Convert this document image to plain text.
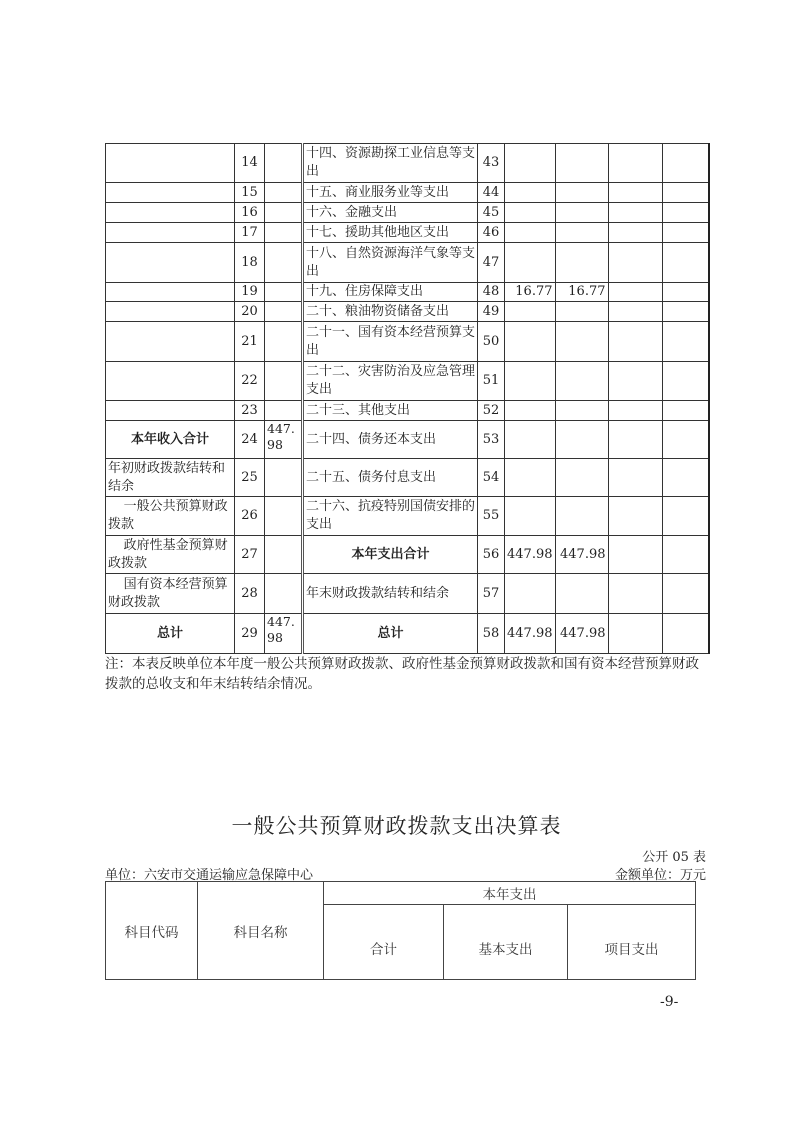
	14		十四、资源勘探工业信息等支出	43				
	15		十五、商业服务业等支出	44				
	16		十六、金融支出	45				
	17		十七、援助其他地区支出	46				
	18		十八、自然资源海洋气象等支出	47				
	19		十九、住房保障支出	48	16.77	16.77		
	20		二十、粮油物资储备支出	49				
	21		二十一、国有资本经营预算支出	50				
	22		二十二、灾害防治及应急管理支出	51				
	23		二十三、其他支出	52				
本年收入合计	24	447.98	二十四、债务还本支出	53				
年初财政拨款结转和结余	25		二十五、债务付息支出	54				
一般公共预算财政拨款	26		二十六、抗疫特别国债安排的支出	55				
政府性基金预算财政拨款	27		本年支出合计	56	447.98	447.98		
国有资本经营预算财政拨款	28		年末财政拨款结转和结余	57				
总计	29	447.98	总计	58	447.98	447.98		
注：本表反映单位本年度一般公共预算财政拨款、政府性基金预算财政拨款和国有资本经营预算财政拨款的总收支和年末结转结余情况。
一般公共预算财政拨款支出决算表
公开 05 表
单位：六安市交通运输应急保障中心	金额单位：万元
科目代码	科目名称	本年支出		
		合计	基本支出	项目支出
-9-
